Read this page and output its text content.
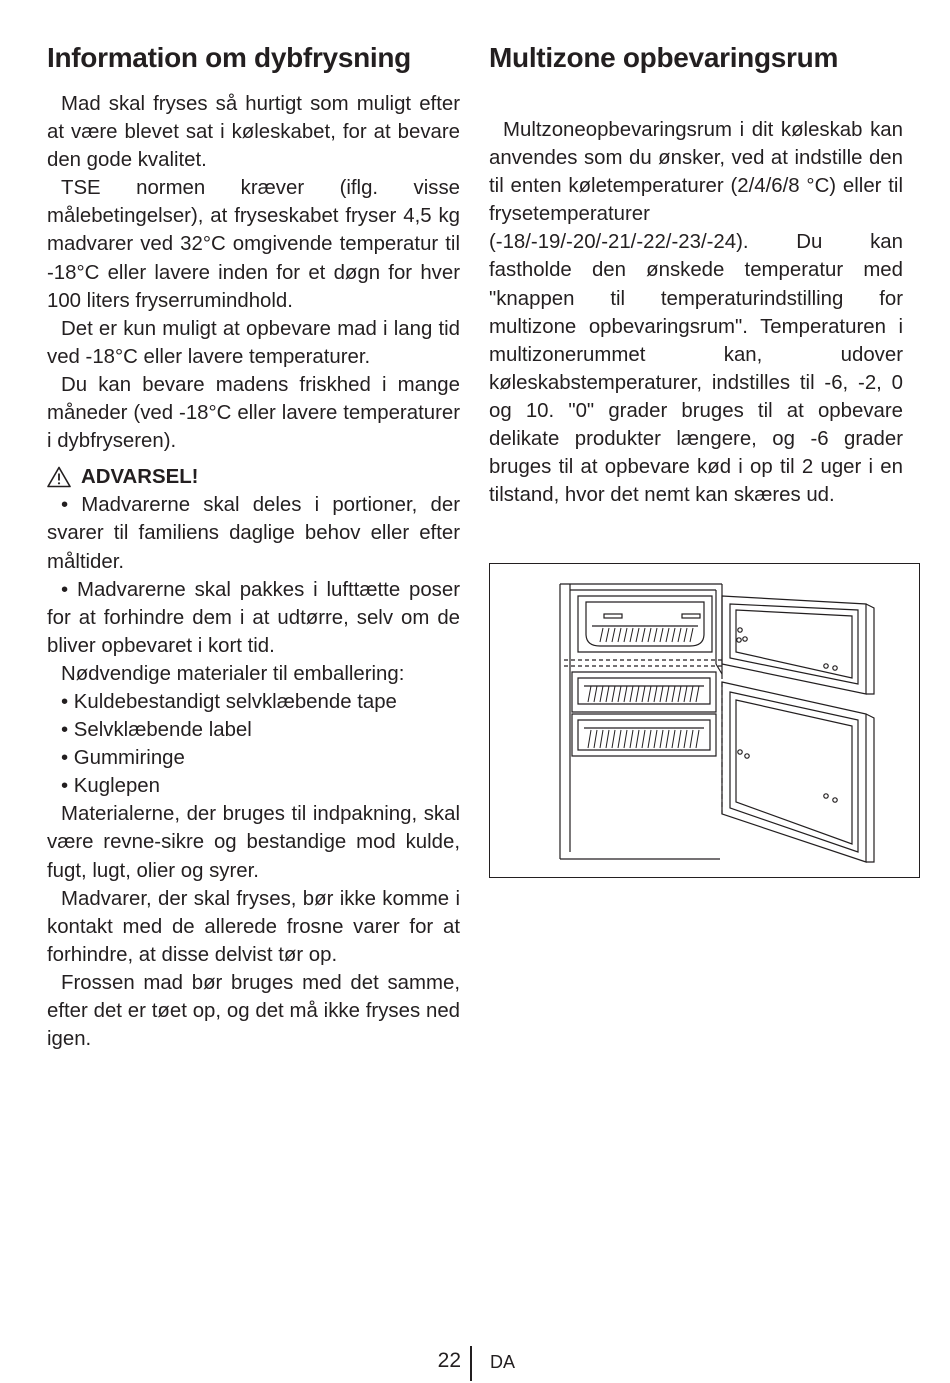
Information om dybfrysning

Mad skal fryses så hurtigt som muligt efter at være blevet sat i køleskabet, for at bevare den gode kvalitet.

TSE normen kræver (iflg. visse målebetingelser), at fryseskabet fryser 4,5 kg madvarer ved 32°C omgivende temperatur til -18°C eller lavere inden for et døgn for hver 100 liters fryserrumindhold.

Det er kun muligt at opbevare mad i lang tid ved -18°C eller lavere temperaturer.

Du kan bevare madens friskhed i mange måneder (ved -18°C eller lavere temperaturer i dybfryseren).

ADVARSEL!

• Madvarerne skal deles i portioner, der svarer til familiens daglige behov eller efter måltider.

• Madvarerne skal pakkes i lufttætte poser for at forhindre dem i at udtørre, selv om de bliver opbevaret i kort tid.

Nødvendige materialer til emballering:

• Kuldebestandigt selvklæbende tape

• Selvklæbende label

• Gummiringe

• Kuglepen

Materialerne, der bruges til indpakning, skal være revne-sikre og bestandige mod kulde, fugt, lugt, olier og syrer.

Madvarer, der skal fryses, bør ikke komme i kontakt med de allerede frosne varer for at forhindre, at disse delvist tør op.

Frossen mad bør bruges med det samme, efter det er tøet op, og det må ikke fryses ned igen.

Multizone opbevaringsrum

Multzoneopbevaringsrum i dit køleskab kan anvendes som du ønsker, ved at indstille den til enten køletemperaturer (2/4/6/8 °C) eller til frysetemperaturer (-18/-19/-20/-21/-22/-23/-24). Du kan fastholde den ønskede temperatur med "knappen til temperaturindstilling for multizone opbevaringsrum". Temperaturen i multizonerummet kan, udover køleskabstemperaturer, indstilles til -6, -2, 0 og 10. "0" grader bruges til at opbevare delikate produkter længere, og -6 grader bruges til at opbevare kød i op til 2 uger i en tilstand, hvor det nemt kan skæres ud.

22 DA
